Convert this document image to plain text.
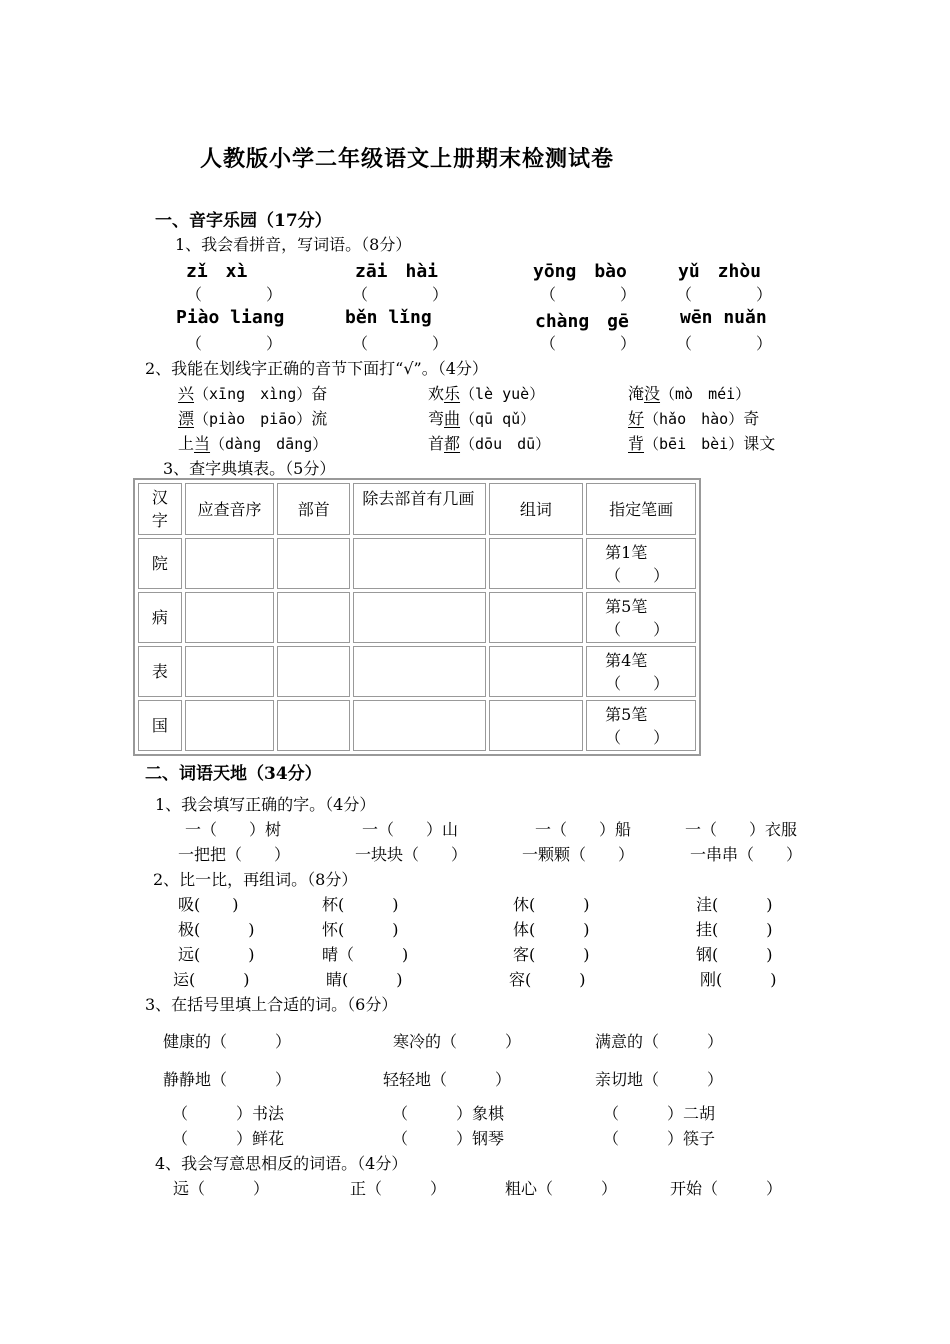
人教版小学二年级语文上册期末检测试卷
一、音字乐园（17分）
1、我会看拼音，写词语。（8分）
zǐ　xì	zāi　hài	yōng　bào	yǔ　zhòu
（　　　　）	（　　　　）	（　　　　） （　　　　）
Piào liang	běn lǐng	chàng　gē	wēn nuǎn
（　　　　）	（　　　　）	（　　　　） （　　　　）
2、我能在划线字正确的音节下面打“√”。（4分）
兴（xīng　xìng）奋	欢乐（lè yuè）	淹没（mò　méi）
漂（piào　piāo）流	弯曲（qū qǔ）	好（hǎo　hào）奇
上当（dàng　dāng）	首都（dōu　dū）	背（bēi　bèi）课文
3、查字典填表。（5分）
汉字	应查音序	部首	除去部首有几画	组词	指定笔画
院					第1笔（　　）
病					第5笔（　　）
表					第4笔（　　）
国					第5笔（　　）
二、词语天地（34分）
1、我会填写正确的字。（4分）
一（　　）树	一（　　）山	一（　　）船	一（　　）衣服
一把把（　　）	一块块（　　）	一颗颗（　　）	一串串（　　）
2、比一比，再组词。（8分）
吸(　　)	杯(　　　)	休(　　　)	洼(　　　)
极(　　　)	怀(　　　)	体(　　　)	挂(　　　)
远(　　　)	晴（　　　)	客(　　　)	钢(　　　)
运(　　　)	睛(　　　)	容(　　　)	刚(　　　)
3、在括号里填上合适的词。（6分）
健康的（　　　）	寒冷的（　　　）	满意的（　　　）
静静地（　　　）	轻轻地（　　　）	亲切地（　　　）
（　　　）书法	（　　　）象棋	（　　　）二胡
（　　　）鲜花	（　　　）钢琴	（　　　）筷子
4、我会写意思相反的词语。（4分）
远（　　　）	正（　　　）	粗心（　　　）	开始（　　　）
